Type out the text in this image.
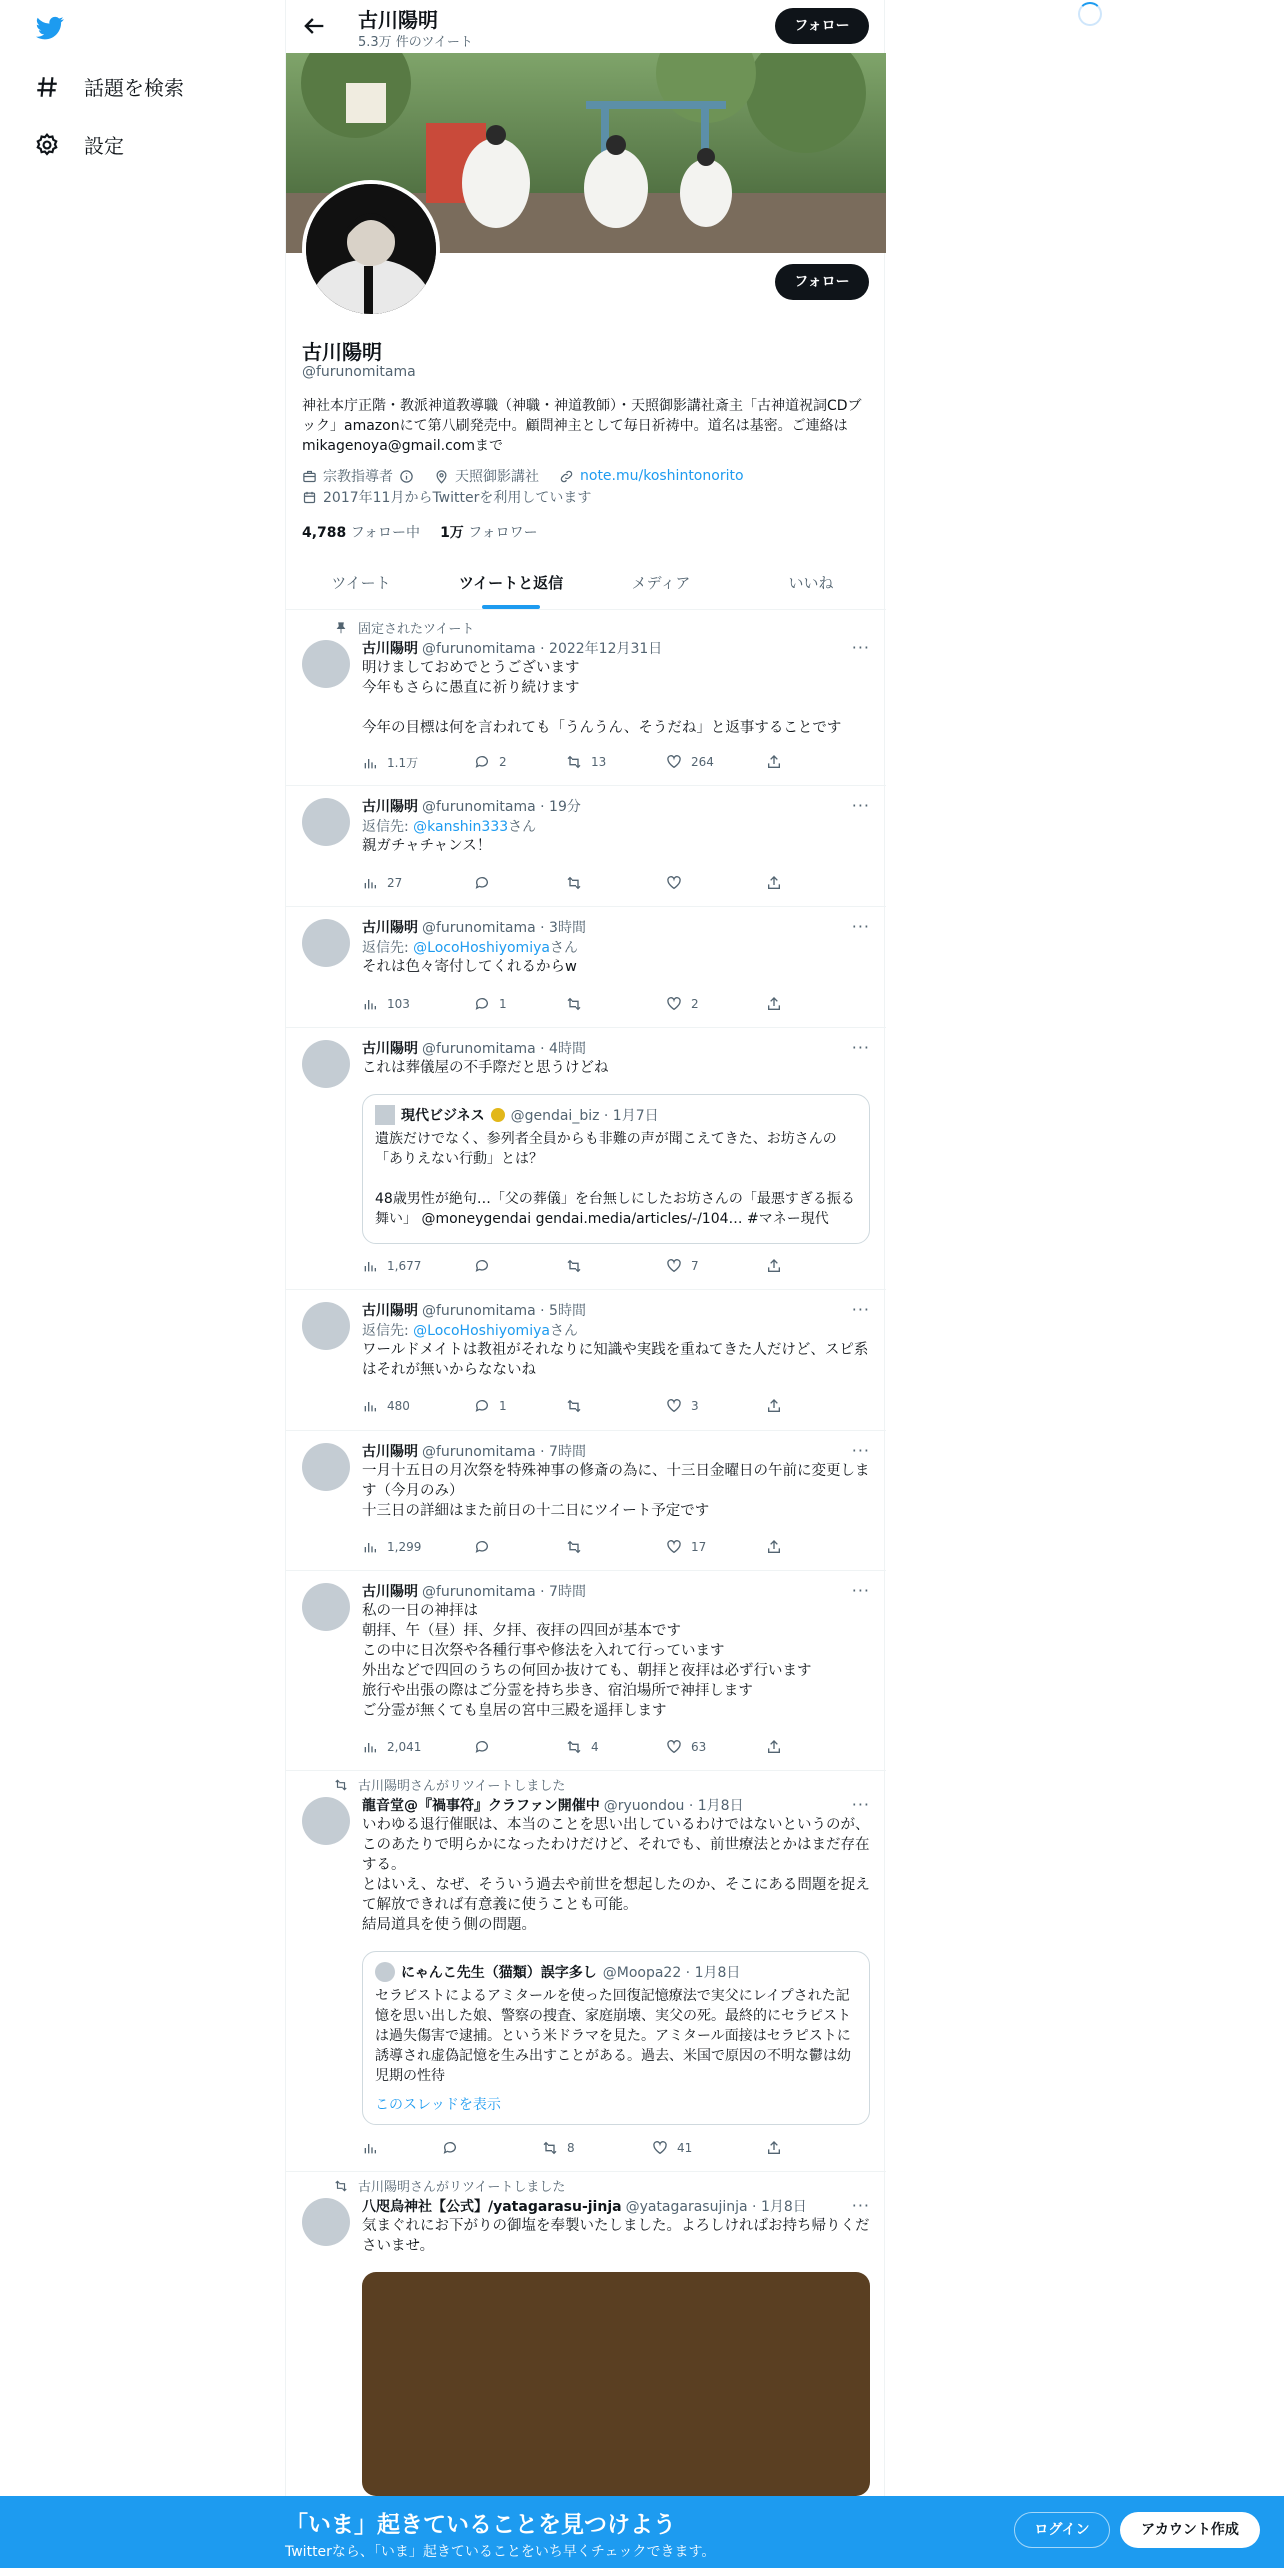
話題を検索
設定
古川陽明
5.3万 件のツイート
フォロー
フォロー
古川陽明
@furunomitama
神社本庁正階・教派神道教導職（神職・神道教師）・天照御影講社斎主「古神道祝詞CDブック」amazonにて第八刷発売中。顧問神主として毎日祈祷中。道名は基密。ご連絡はmikagenoya@gmail.comまで
宗教指導者	天照御影講社	note.mu/koshintonorito
2017年11月からTwitterを利用しています
4,788 フォロー中 1万 フォロワー
ツイート	ツイートと返信	メディア	いいね
固定されたツイート
···
古川陽明 @furunomitama · 2022年12月31日
明けましておめでとうございます
今年もさらに愚直に祈り続けます

今年の目標は何を言われても「うんうん、そうだね」と返事することです
1.1万	2	13	264
···
古川陽明 @furunomitama · 19分
返信先: @kanshin333さん
親ガチャチャンス！
27
···
古川陽明 @furunomitama · 3時間
返信先: @LocoHoshiyomiyaさん
それは色々寄付してくれるからw
103	1	2
···
古川陽明 @furunomitama · 4時間
これは葬儀屋の不手際だと思うけどね
現代ビジネス @gendai_biz · 1月7日
遺族だけでなく、参列者全員からも非難の声が聞こえてきた、お坊さんの「ありえない行動」とは？

48歳男性が絶句…「父の葬儀」を台無しにしたお坊さんの「最悪すぎる振る舞い」 @moneygendai gendai.media/articles/-/104… #マネー現代
1,677	7
···
古川陽明 @furunomitama · 5時間
返信先: @LocoHoshiyomiyaさん
ワールドメイトは教祖がそれなりに知識や実践を重ねてきた人だけど、スピ系はそれが無いからなないね
480	1	3
···
古川陽明 @furunomitama · 7時間
一月十五日の月次祭を特殊神事の修斎の為に、十三日金曜日の午前に変更します（今月のみ）
十三日の詳細はまた前日の十二日にツイート予定です
1,299	17
···
古川陽明 @furunomitama · 7時間
私の一日の神拝は
朝拝、午（昼）拝、夕拝、夜拝の四回が基本です
この中に日次祭や各種行事や修法を入れて行っています
外出などで四回のうちの何回か抜けても、朝拝と夜拝は必ず行います
旅行や出張の際はご分霊を持ち歩き、宿泊場所で神拝します
ご分霊が無くても皇居の宮中三殿を遥拝します
2,041	4	63
古川陽明さんがリツイートしました
···
龍音堂@『禍事符』クラファン開催中 @ryuondou · 1月8日
いわゆる退行催眠は、本当のことを思い出しているわけではないというのが、このあたりで明らかになったわけだけど、それでも、前世療法とかはまだ存在する。
とはいえ、なぜ、そういう過去や前世を想起したのか、そこにある問題を捉えて解放できれば有意義に使うことも可能。
結局道具を使う側の問題。
にゃんこ先生（猫類）誤字多し @Moopa22 · 1月8日
セラピストによるアミタールを使った回復記憶療法で実父にレイプされた記憶を思い出した娘、警察の捜査、家庭崩壊、実父の死。最終的にセラピストは過失傷害で逮捕。という米ドラマを見た。アミタール面接はセラピストに誘導され虚偽記憶を生み出すことがある。過去、米国で原因の不明な鬱は幼児期の性待
このスレッドを表示
8	41
古川陽明さんがリツイートしました
···
八咫烏神社【公式】/yatagarasu-jinja @yatagarasujinja · 1月8日
気まぐれにお下がりの御塩を奉製いたしました。よろしければお持ち帰りくださいませ。
「いま」起きていることを見つけよう
Twitterなら、「いま」起きていることをいち早くチェックできます。
ログイン	アカウント作成
